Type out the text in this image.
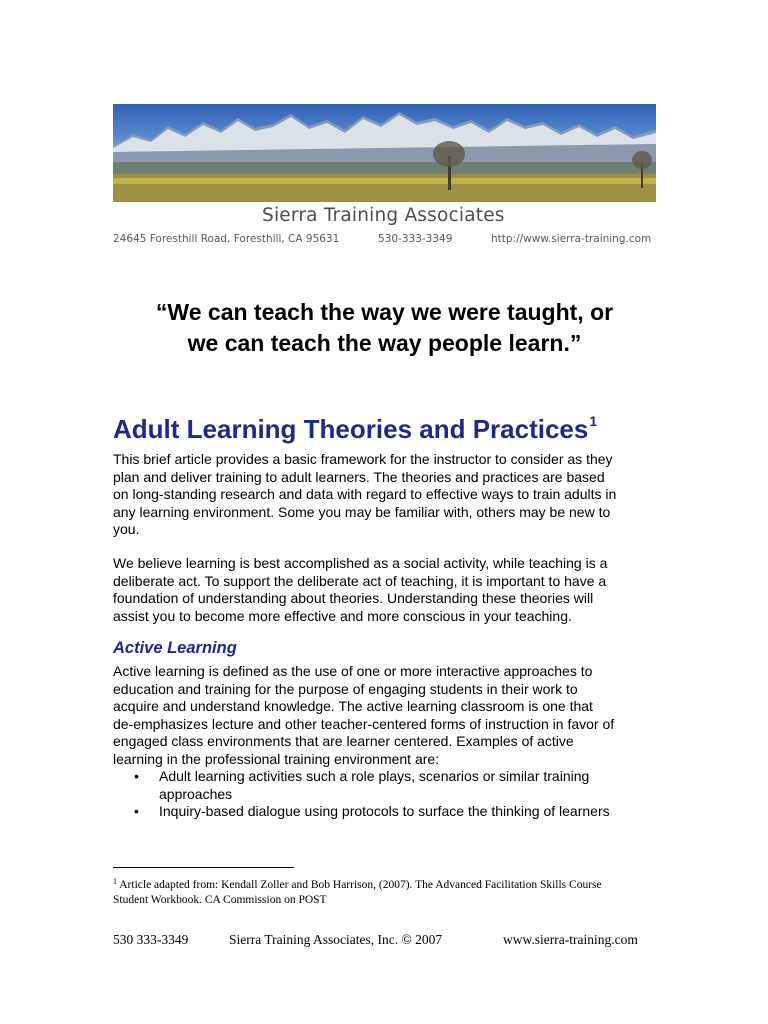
Sierra Training Associates
24645 Foresthill Road, Foresthill, CA 95631	530-333-3349	http://www.sierra-training.com
“We can teach the way we were taught, or
we can teach the way people learn.”
Adult Learning Theories and Practices$^1$

This brief article provides a basic framework for the instructor to consider as they
plan and deliver training to adult learners. The theories and practices are based
on long-standing research and data with regard to effective ways to train adults in
any learning environment. Some you may be familiar with, others may be new to
you.

We believe learning is best accomplished as a social activity, while teaching is a
deliberate act. To support the deliberate act of teaching, it is important to have a
foundation of understanding about theories. Understanding these theories will
assist you to become more effective and more conscious in your teaching.

Active Learning

Active learning is defined as the use of one or more interactive approaches to
education and training for the purpose of engaging students in their work to
acquire and understand knowledge. The active learning classroom is one that
de-emphasizes lecture and other teacher-centered forms of instruction in favor of
engaged class environments that are learner centered. Examples of active
learning in the professional training environment are:

• Adult learning activities such a role plays, scenarios or similar training
approaches
• Inquiry-based dialogue using protocols to surface the thinking of learners
$^1$ Article adapted from: Kendall Zoller and Bob Harrison, (2007). The Advanced Facilitation Skills Course
Student Workbook. CA Commission on POST
530 333-3349	Sierra Training Associates, Inc. © 2007	www.sierra-training.com
